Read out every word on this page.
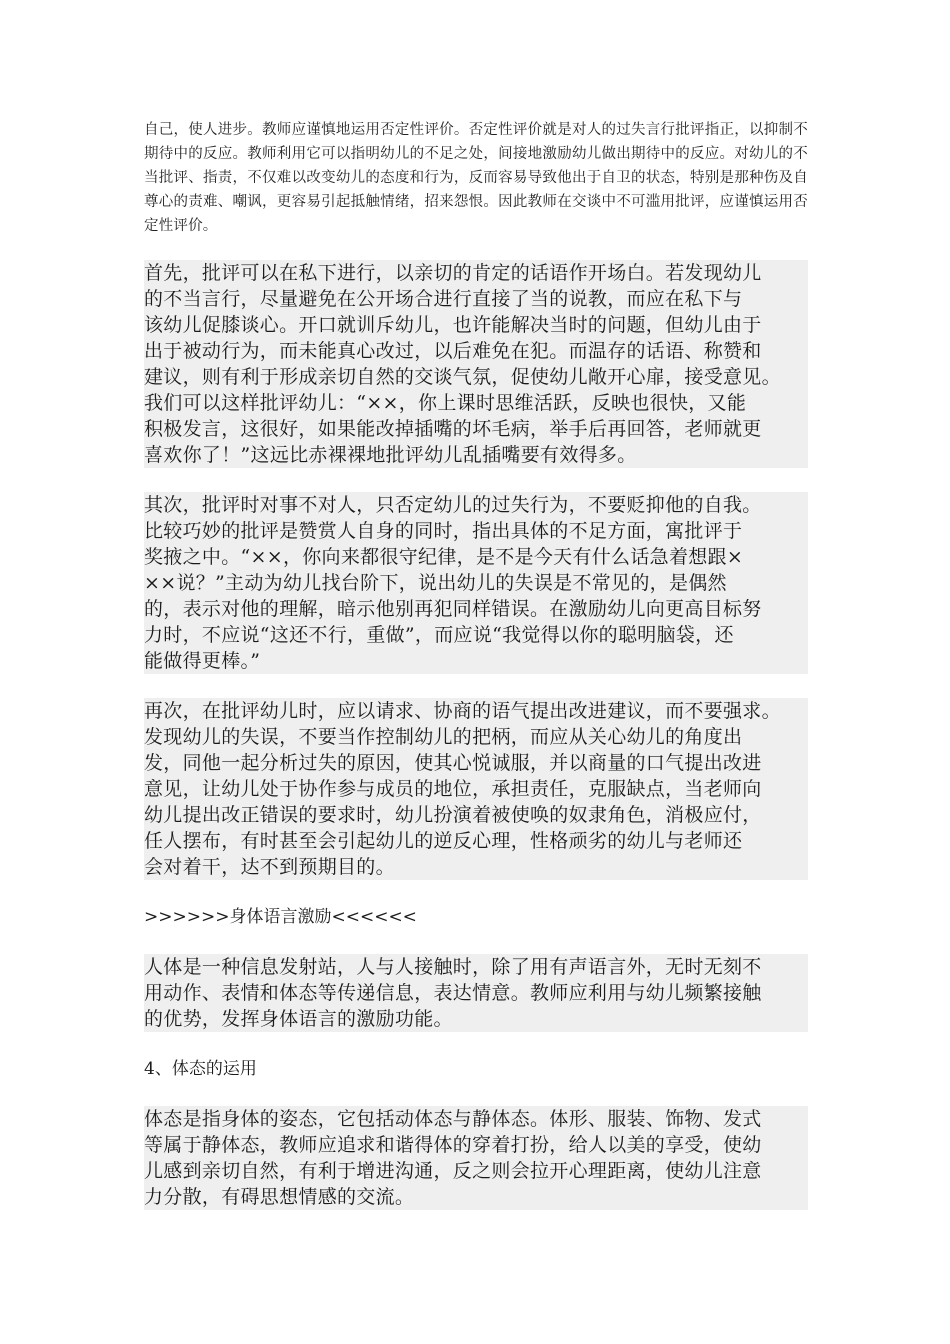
自己，使人进步。教师应谨慎地运用否定性评价。否定性评价就是对人的过失言行批评指正，以抑制不期待中的反应。教师利用它可以指明幼儿的不足之处，间接地激励幼儿做出期待中的反应。对幼儿的不当批评、指责，不仅难以改变幼儿的态度和行为，反而容易导致他出于自卫的状态，特别是那种伤及自尊心的责难、嘲讽，更容易引起抵触情绪，招来怨恨。因此教师在交谈中不可滥用批评，应谨慎运用否定性评价。

首先，批评可以在私下进行，以亲切的肯定的话语作开场白。若发现幼儿
的不当言行，尽量避免在公开场合进行直接了当的说教，而应在私下与
该幼儿促膝谈心。开口就训斥幼儿，也许能解决当时的问题，但幼儿由于
出于被动行为，而未能真心改过，以后难免在犯。而温存的话语、称赞和
建议，则有利于形成亲切自然的交谈气氛，促使幼儿敞开心扉，接受意见。
我们可以这样批评幼儿：“××，你上课时思维活跃，反映也很快，又能
积极发言，这很好，如果能改掉插嘴的坏毛病，举手后再回答，老师就更
喜欢你了！”这远比赤裸裸地批评幼儿乱插嘴要有效得多。
其次，批评时对事不对人，只否定幼儿的过失行为，不要贬抑他的自我。
比较巧妙的批评是赞赏人自身的同时，指出具体的不足方面，寓批评于
奖掖之中。“××，你向来都很守纪律，是不是今天有什么话急着想跟×
××说？”主动为幼儿找台阶下，说出幼儿的失误是不常见的，是偶然
的，表示对他的理解，暗示他别再犯同样错误。在激励幼儿向更高目标努
力时，不应说“这还不行，重做”，而应说“我觉得以你的聪明脑袋，还
能做得更棒。”
再次，在批评幼儿时，应以请求、协商的语气提出改进建议，而不要强求。
发现幼儿的失误，不要当作控制幼儿的把柄，而应从关心幼儿的角度出
发，同他一起分析过失的原因，使其心悦诚服，并以商量的口气提出改进
意见，让幼儿处于协作参与成员的地位，承担责任，克服缺点，当老师向
幼儿提出改正错误的要求时，幼儿扮演着被使唤的奴隶角色，消极应付，
任人摆布，有时甚至会引起幼儿的逆反心理，性格顽劣的幼儿与老师还
会对着干，达不到预期目的。
>>>>>>身体语言激励<<<<<<
人体是一种信息发射站，人与人接触时，除了用有声语言外，无时无刻不
用动作、表情和体态等传递信息，表达情意。教师应利用与幼儿频繁接触
的优势，发挥身体语言的激励功能。
4、体态的运用
体态是指身体的姿态，它包括动体态与静体态。体形、服装、饰物、发式
等属于静体态，教师应追求和谐得体的穿着打扮，给人以美的享受，使幼
儿感到亲切自然，有利于增进沟通，反之则会拉开心理距离，使幼儿注意
力分散，有碍思想情感的交流。
